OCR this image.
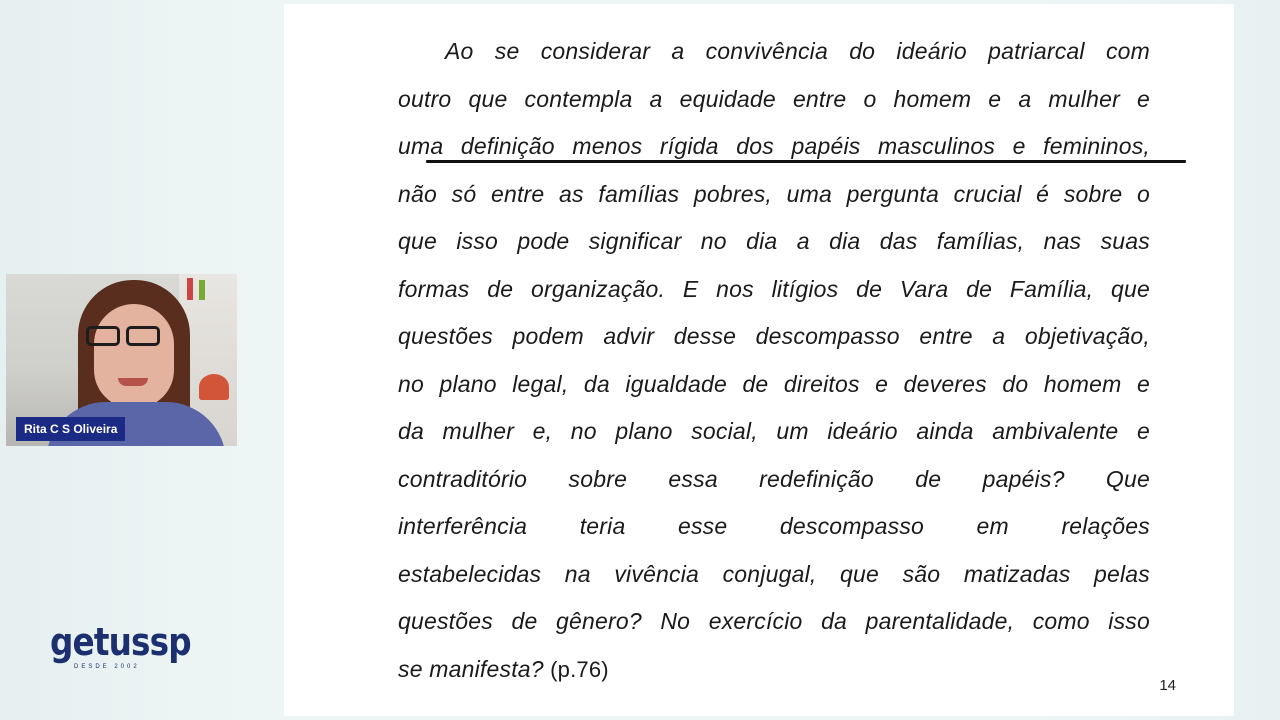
Ao se considerar a convivência do ideário patriarcal com
outro que contempla a equidade entre o homem e a mulher e
uma definição menos rígida dos papéis masculinos e femininos,
não só entre as famílias pobres, uma pergunta crucial é sobre o
que isso pode significar no dia a dia das famílias, nas suas
formas de organização. E nos litígios de Vara de Família, que
questões podem advir desse descompasso entre a objetivação,
no plano legal, da igualdade de direitos e deveres do homem e
da mulher e, no plano social, um ideário ainda ambivalente e
contraditório sobre essa redefinição de papéis? Que
interferência teria esse descompasso em relações
estabelecidas na vivência conjugal, que são matizadas pelas
questões de gênero? No exercício da parentalidade, como isso
se manifesta? (p.76)
14
Rita C S Oliveira
getussp
DESDE 2002
